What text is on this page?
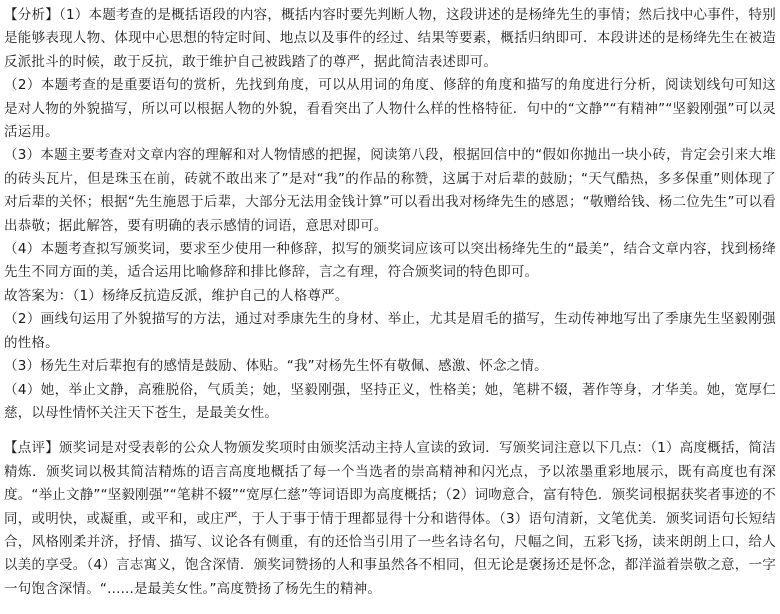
【分析】（1）本题考查的是概括语段的内容，概括内容时要先判断人物，这段讲述的是杨绛先生的事情；然后找中心事件，特别是能够表现人物、体现中心思想的特定时间、地点以及事件的经过、结果等要素，概括归纳即可．本段讲述的是杨绛先生在被造反派批斗的时候，敢于反抗，敢于维护自己被践踏了的尊严，据此简洁表述即可。

（2）本题考查的是重要语句的赏析，先找到角度，可以从用词的角度、修辞的角度和描写的角度进行分析，阅读划线句可知这是对人物的外貌描写，所以可以根据人物的外貌，看看突出了人物什么样的性格特征．句中的“文静”“有精神”“坚毅刚强”可以灵活运用。

（3）本题主要考查对文章内容的理解和对人物情感的把握，阅读第八段，根据回信中的“假如你抛出一块小砖，肯定会引来大堆的砖头瓦片，但是珠玉在前，砖就不敢出来了”是对“我”的作品的称赞，这属于对后辈的鼓励；“天气酷热，多多保重”则体现了对后辈的关怀；根据“先生施恩于后辈，大部分无法用金钱计算”可以看出我对杨绛先生的感恩；“敬赠给钱、杨二位先生”可以看出恭敬；据此解答，要有明确的表示感情的词语，意思对即可。

（4）本题考查拟写颁奖词，要求至少使用一种修辞，拟写的颁奖词应该可以突出杨绛先生的“最美”，结合文章内容，找到杨绛先生不同方面的美，适合运用比喻修辞和排比修辞，言之有理，符合颁奖词的特色即可。

故答案为：（1）杨绛反抗造反派，维护自己的人格尊严。

（2）画线句运用了外貌描写的方法，通过对季康先生的身材、举止，尤其是眉毛的描写，生动传神地写出了季康先生坚毅刚强的性格。

（3）杨先生对后辈抱有的感情是鼓励、体贴。“我”对杨先生怀有敬佩、感激、怀念之情。

（4）她，举止文静，高雅脱俗，气质美；她，坚毅刚强，坚持正义，性格美；她，笔耕不辍，著作等身，才华美。她，宽厚仁慈，以母性情怀关注天下苍生，是最美女性。

【点评】颁奖词是对受表彰的公众人物颁发奖项时由颁奖活动主持人宣读的致词．写颁奖词注意以下几点：（1）高度概括，简洁精炼．颁奖词以极其简洁精炼的语言高度地概括了每一个当选者的崇高精神和闪光点，予以浓墨重彩地展示，既有高度也有深度。“举止文静”“坚毅刚强”“笔耕不辍”“宽厚仁慈”等词语即为高度概括；（2）词吻意合，富有特色．颁奖词根据获奖者事迹的不同，或明快，或凝重，或平和，或庄严，于人于事于情于理都显得十分和谐得体。（3）语句清新，文笔优美．颁奖词语句长短结合，风格刚柔并济，抒情、描写、议论各有侧重，有的还恰当引用了一些名诗名句，尺幅之间，五彩飞扬，读来朗朗上口，给人以美的享受。（4）言志寓义，饱含深情．颁奖词赞扬的人和事虽然各不相同，但无论是褒扬还是怀念，都洋溢着崇敬之意，一字一句饱含深情。“......是最美女性。”高度赞扬了杨先生的精神。
